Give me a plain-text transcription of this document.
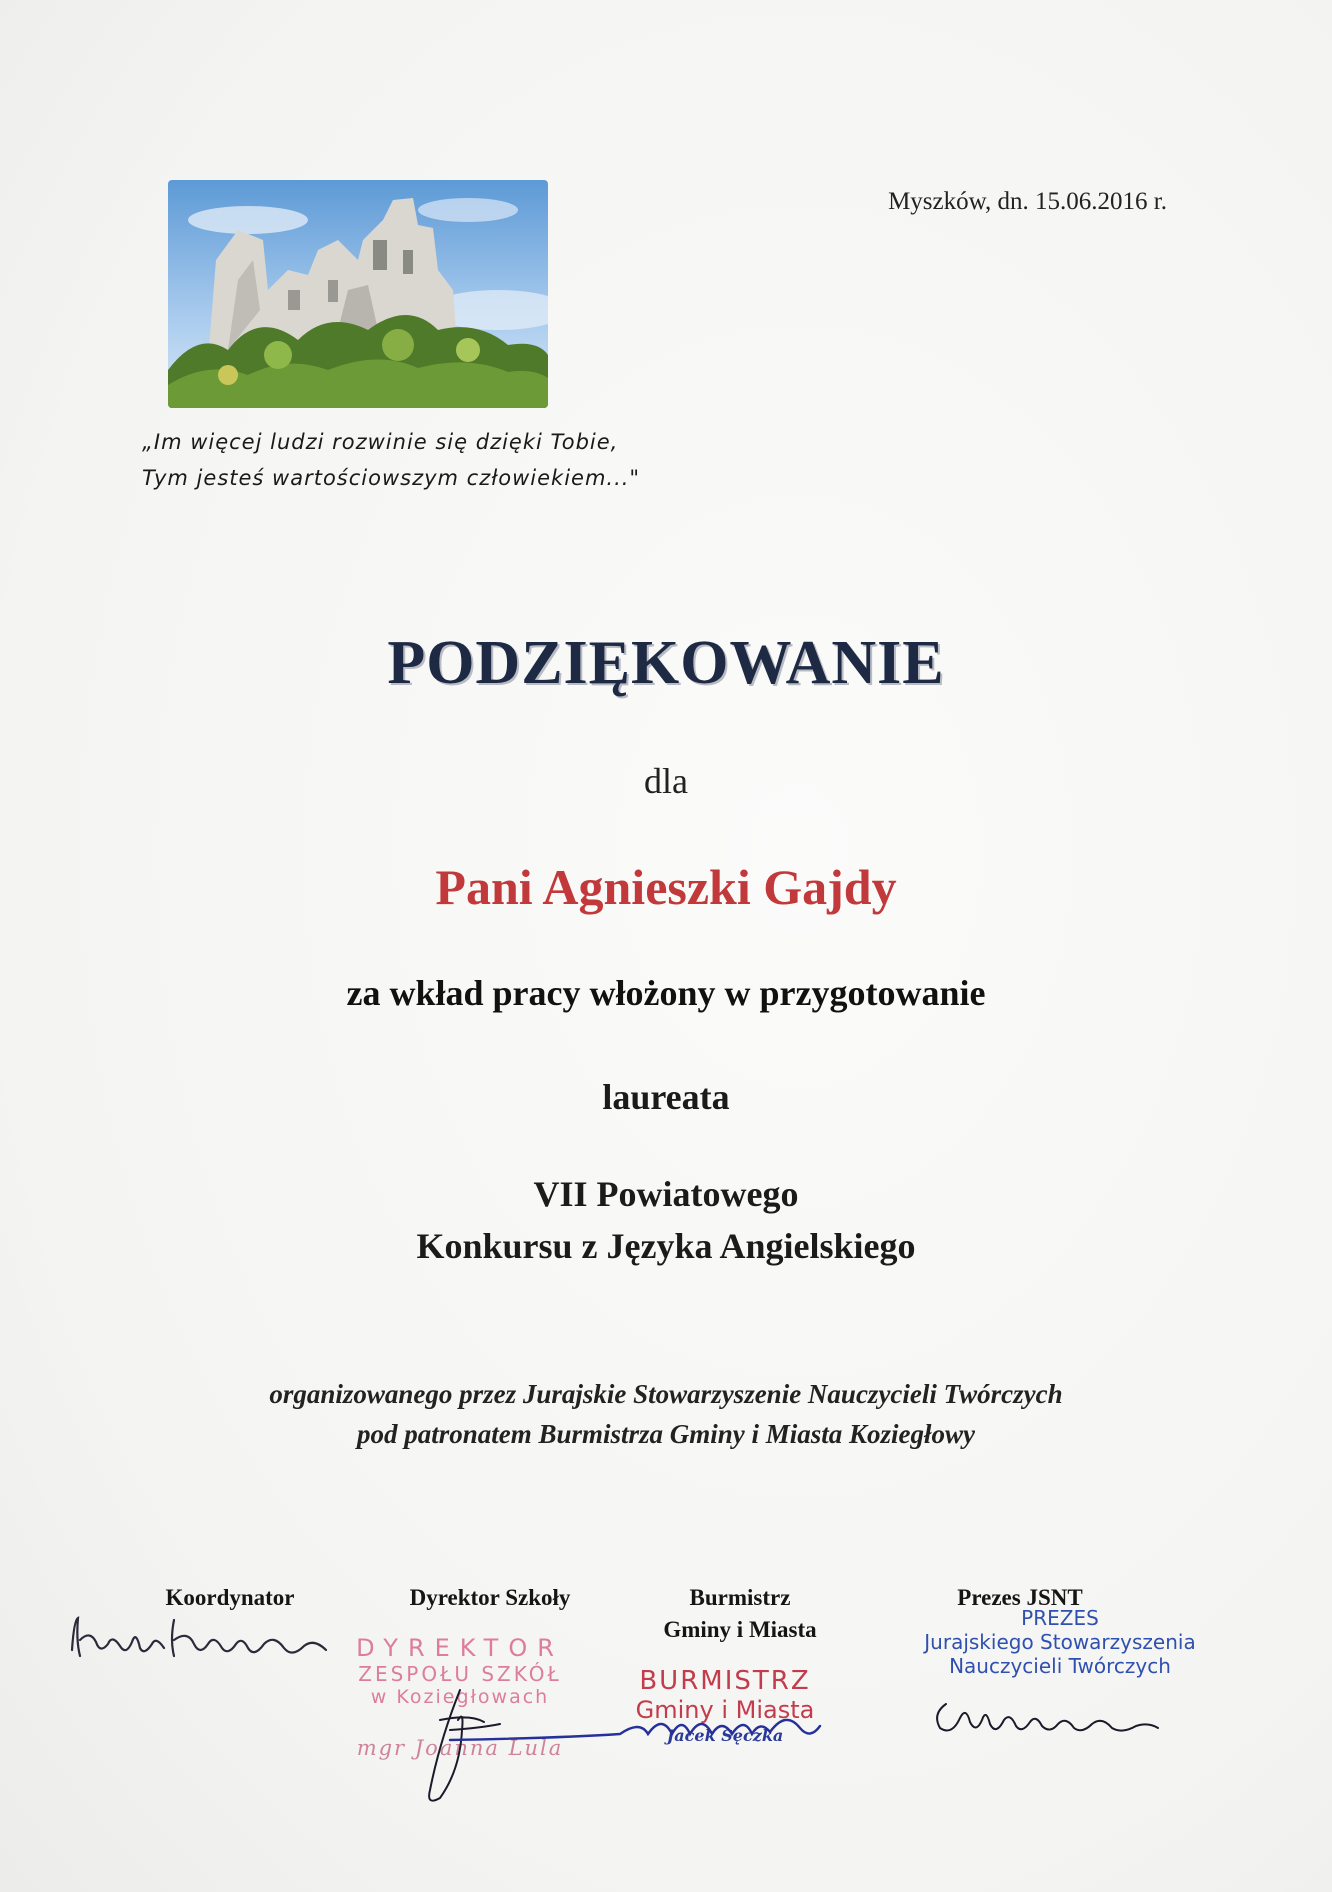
Myszków, dn. 15.06.2016 r.
„Im więcej ludzi rozwinie się dzięki Tobie,
Tym jesteś wartościowszym człowiekiem..."
PODZIĘKOWANIE
dla
Pani Agnieszki Gajdy
za wkład pracy włożony w przygotowanie
laureata
VII Powiatowego
Konkursu z Języka Angielskiego
organizowanego przez Jurajskie Stowarzyszenie Nauczycieli Twórczych
pod patronatem Burmistrza Gminy i Miasta Koziegłowy
Koordynator	Dyrektor Szkoły	Burmistrz
Gminy i Miasta
Prezes JSNT
DYREKTOR
ZESPOŁU SZKÓŁ
w Koziegłowach
mgr Joanna Lula
BURMISTRZ
Gminy i Miasta
Jacek Sęczka
PREZES
Jurajskiego Stowarzyszenia
Nauczycieli Twórczych
